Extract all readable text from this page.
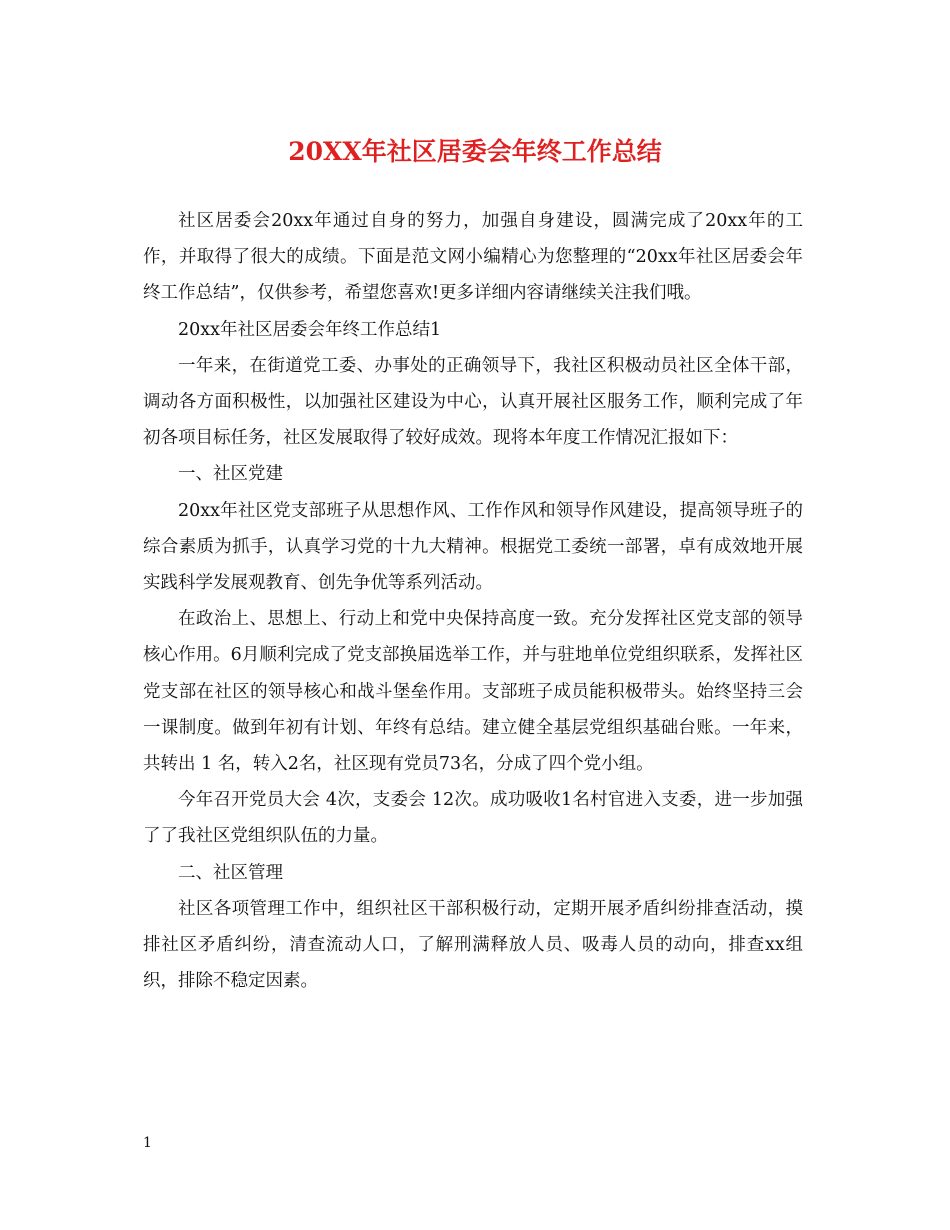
20XX年社区居委会年终工作总结

社区居委会20xx年通过自身的努力，加强自身建设，圆满完成了20xx年的工作，并取得了很大的成绩。下面是范文网小编精心为您整理的“20xx年社区居委会年终工作总结”，仅供参考，希望您喜欢!更多详细内容请继续关注我们哦。

20xx年社区居委会年终工作总结1

一年来，在街道党工委、办事处的正确领导下，我社区积极动员社区全体干部，调动各方面积极性，以加强社区建设为中心，认真开展社区服务工作，顺利完成了年初各项目标任务，社区发展取得了较好成效。现将本年度工作情况汇报如下：

一、社区党建

20xx年社区党支部班子从思想作风、工作作风和领导作风建设，提高领导班子的综合素质为抓手，认真学习党的十九大精神。根据党工委统一部署，卓有成效地开展实践科学发展观教育、创先争优等系列活动。

在政治上、思想上、行动上和党中央保持高度一致。充分发挥社区党支部的领导核心作用。6月顺利完成了党支部换届选举工作，并与驻地单位党组织联系，发挥社区党支部在社区的领导核心和战斗堡垒作用。支部班子成员能积极带头。始终坚持三会一课制度。做到年初有计划、年终有总结。建立健全基层党组织基础台账。一年来，共转出 1 名，转入2名，社区现有党员73名，分成了四个党小组。

今年召开党员大会 4次，支委会 12次。成功吸收1名村官进入支委，进一步加强了了我社区党组织队伍的力量。

二、社区管理

社区各项管理工作中，组织社区干部积极行动，定期开展矛盾纠纷排查活动，摸排社区矛盾纠纷，清查流动人口，了解刑满释放人员、吸毒人员的动向，排查xx组织，排除不稳定因素。

1
